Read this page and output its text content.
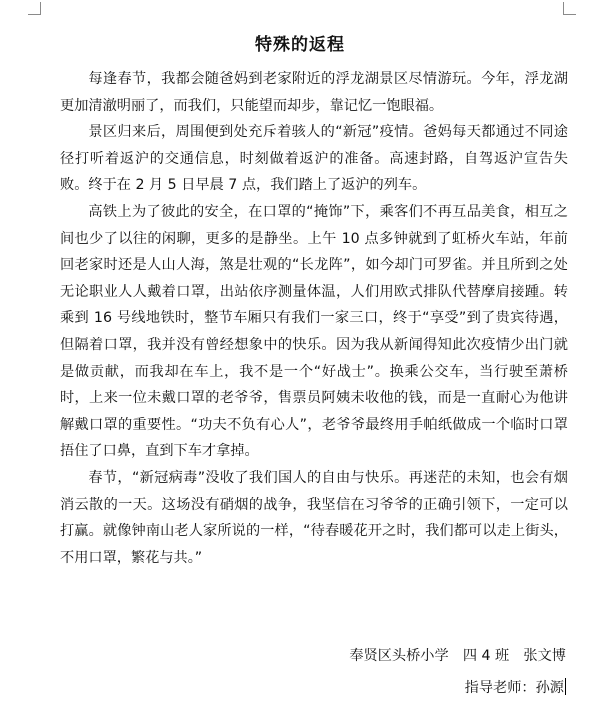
特殊的返程

每逢春节，我都会随爸妈到老家附近的浮龙湖景区尽情游玩。今年，浮龙湖更加清澈明丽了，而我们，只能望而却步，靠记忆一饱眼福。

景区归来后，周围便到处充斥着骇人的“新冠”疫情。爸妈每天都通过不同途径打听着返沪的交通信息，时刻做着返沪的准备。高速封路，自驾返沪宣告失败。终于在 2 月 5 日早晨 7 点，我们踏上了返沪的列车。

高铁上为了彼此的安全，在口罩的“掩饰”下，乘客们不再互品美食，相互之间也少了以往的闲聊，更多的是静坐。上午 10 点多钟就到了虹桥火车站，年前回老家时还是人山人海，煞是壮观的“长龙阵”，如今却门可罗雀。并且所到之处无论职业人人戴着口罩，出站依序测量体温，人们用欧式排队代替摩肩接踵。转乘到 16 号线地铁时，整节车厢只有我们一家三口，终于“享受”到了贵宾待遇，但隔着口罩，我并没有曾经想象中的快乐。因为我从新闻得知此次疫情少出门就是做贡献，而我却在车上，我不是一个“好战士”。换乘公交车，当行驶至萧桥时，上来一位未戴口罩的老爷爷，售票员阿姨未收他的钱，而是一直耐心为他讲解戴口罩的重要性。“功夫不负有心人”，老爷爷最终用手帕纸做成一个临时口罩捂住了口鼻，直到下车才拿掉。

春节，“新冠病毒”没收了我们国人的自由与快乐。再迷茫的未知，也会有烟消云散的一天。这场没有硝烟的战争，我坚信在习爷爷的正确引领下，一定可以打赢。就像钟南山老人家所说的一样，“待春暖花开之时，我们都可以走上街头，不用口罩，繁花与共。”

奉贤区头桥小学　四 4 班　张文博
指导老师：孙源
